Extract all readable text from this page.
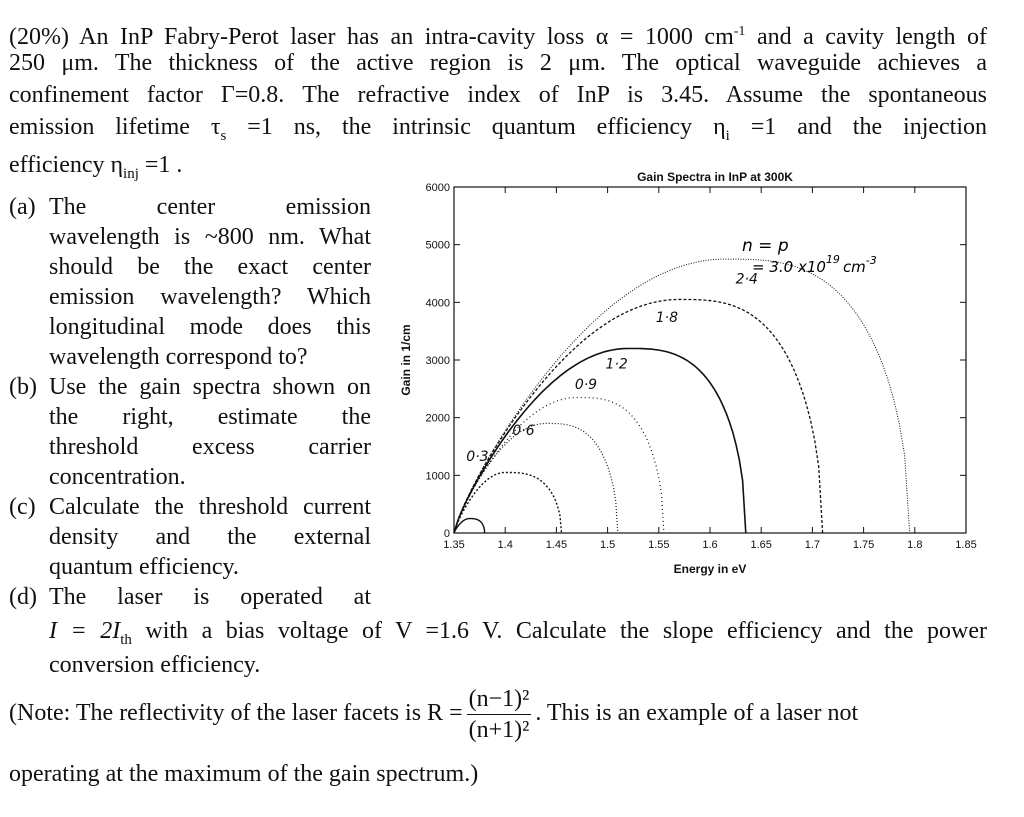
(20%) An InP Fabry-Perot laser has an intra-cavity loss α = 1000 $cm^{-1}$ and a cavity length of
250 μm. The thickness of the active region is 2 μm. The optical waveguide achieves a
confinement factor Γ=0.8. The refractive index of InP is 3.45. Assume the spontaneous
emission lifetime $\tau_s =1$ ns, the intrinsic quantum efficiency $\eta_i =1$ and the injection
efficiency $\eta_{inj} =1$ .
(a) The center emission
wavelength is ~800 nm. What
should be the exact center
emission wavelength? Which
longitudinal mode does this
wavelength correspond to?
(b) Use the gain spectra shown on
the right, estimate the
threshold excess carrier
concentration.
(c) Calculate the threshold current
density and the external
quantum efficiency.
(d) The laser is operated at
$I = 2I_{th}$ with a bias voltage of V =1.6 V. Calculate the slope efficiency and the power
conversion efficiency.
(Note: The reflectivity of the laser facets is $R = \frac{\text{(n−1)²}}{\text{(n+1)²}}$ . This is an example of a laser not
operating at the maximum of the gain spectrum.)
Gain Spectra in InP at 300K
0
1000
2000
3000
4000
5000
6000
1.35	1.4	1.45	1.5	1.55	1.6	1.65	1.7	1.75	1.8	1.85
Gain in 1/cm
Energy in eV
0·3
0·6
0·9
1·2
1·8
2·4
n = p
= 3.0 $x10^{19}$ $cm^{-3}$
